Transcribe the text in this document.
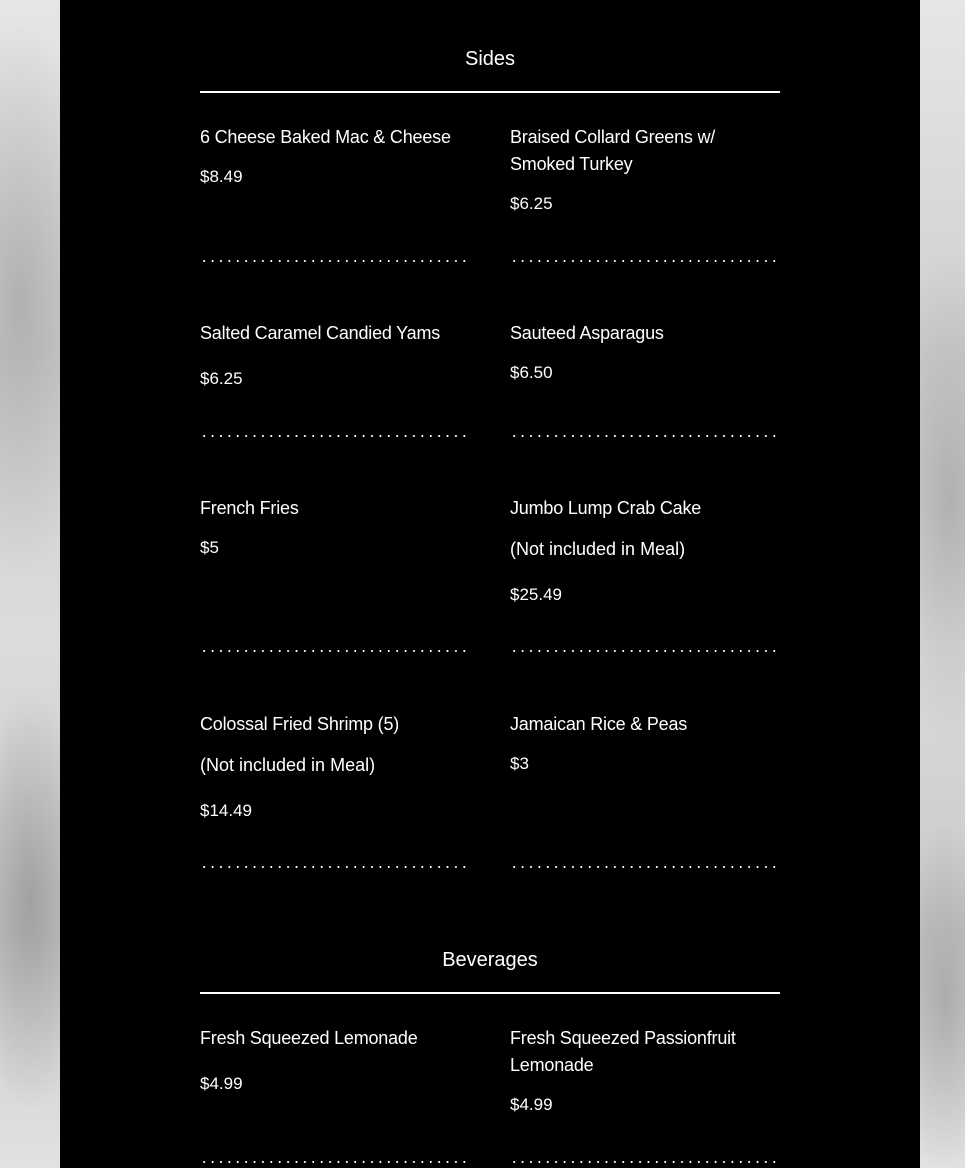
Sides
6 Cheese Baked Mac & Cheese
$8.49
Braised Collard Greens w/ Smoked Turkey
$6.25
Salted Caramel Candied Yams
$6.25
Sauteed Asparagus
$6.50
French Fries
$5
Jumbo Lump Crab Cake
(Not included in Meal)
$25.49
Colossal Fried Shrimp (5)
(Not included in Meal)
$14.49
Jamaican Rice & Peas
$3
Beverages
Fresh Squeezed Lemonade
$4.99
Fresh Squeezed Passionfruit Lemonade
$4.99
